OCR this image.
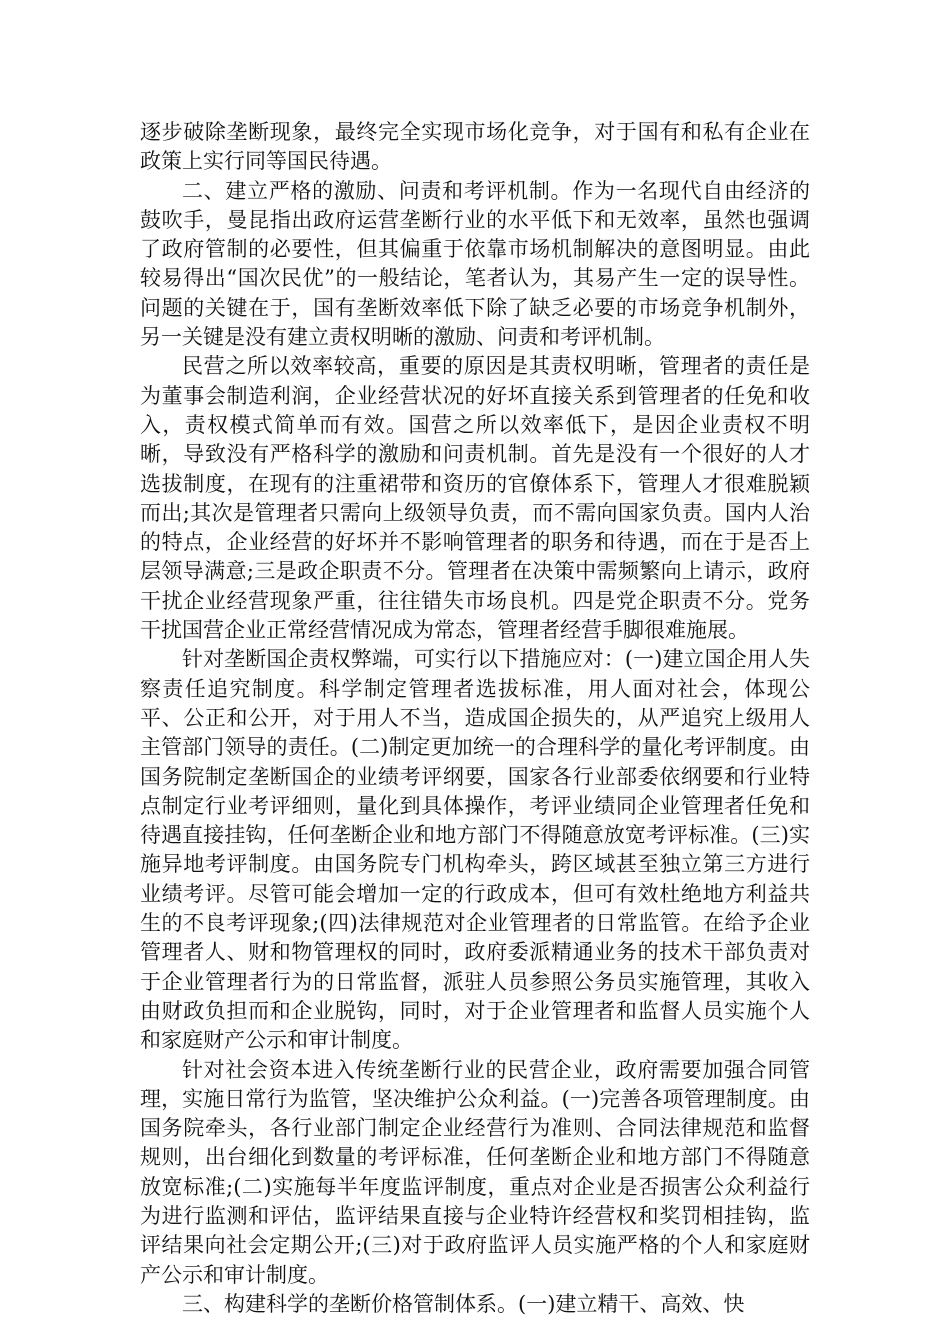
逐步破除垄断现象，最终完全实现市场化竞争，对于国有和私有企业在政策上实行同等国民待遇。

二、建立严格的激励、问责和考评机制。作为一名现代自由经济的鼓吹手，曼昆指出政府运营垄断行业的水平低下和无效率，虽然也强调了政府管制的必要性，但其偏重于依靠市场机制解决的意图明显。由此较易得出“国次民优”的一般结论，笔者认为，其易产生一定的误导性。问题的关键在于，国有垄断效率低下除了缺乏必要的市场竞争机制外，另一关键是没有建立责权明晰的激励、问责和考评机制。

民营之所以效率较高，重要的原因是其责权明晰，管理者的责任是为董事会制造利润，企业经营状况的好坏直接关系到管理者的任免和收入，责权模式简单而有效。国营之所以效率低下，是因企业责权不明晰，导致没有严格科学的激励和问责机制。首先是没有一个很好的人才选拔制度，在现有的注重裙带和资历的官僚体系下，管理人才很难脱颖而出;其次是管理者只需向上级领导负责，而不需向国家负责。国内人治的特点，企业经营的好坏并不影响管理者的职务和待遇，而在于是否上层领导满意;三是政企职责不分。管理者在决策中需频繁向上请示，政府干扰企业经营现象严重，往往错失市场良机。四是党企职责不分。党务干扰国营企业正常经营情况成为常态，管理者经营手脚很难施展。

针对垄断国企责权弊端，可实行以下措施应对：(一)建立国企用人失察责任追究制度。科学制定管理者选拔标准，用人面对社会，体现公平、公正和公开，对于用人不当，造成国企损失的，从严追究上级用人主管部门领导的责任。(二)制定更加统一的合理科学的量化考评制度。由国务院制定垄断国企的业绩考评纲要，国家各行业部委依纲要和行业特点制定行业考评细则，量化到具体操作，考评业绩同企业管理者任免和待遇直接挂钩，任何垄断企业和地方部门不得随意放宽考评标准。(三)实施异地考评制度。由国务院专门机构牵头，跨区域甚至独立第三方进行业绩考评。尽管可能会增加一定的行政成本，但可有效杜绝地方利益共生的不良考评现象;(四)法律规范对企业管理者的日常监管。在给予企业管理者人、财和物管理权的同时，政府委派精通业务的技术干部负责对于企业管理者行为的日常监督，派驻人员参照公务员实施管理，其收入由财政负担而和企业脱钩，同时，对于企业管理者和监督人员实施个人和家庭财产公示和审计制度。

针对社会资本进入传统垄断行业的民营企业，政府需要加强合同管理，实施日常行为监管，坚决维护公众利益。(一)完善各项管理制度。由国务院牵头，各行业部门制定企业经营行为准则、合同法律规范和监督规则，出台细化到数量的考评标准，任何垄断企业和地方部门不得随意放宽标准;(二)实施每半年度监评制度，重点对企业是否损害公众利益行为进行监测和评估，监评结果直接与企业特许经营权和奖罚相挂钩，监评结果向社会定期公开;(三)对于政府监评人员实施严格的个人和家庭财产公示和审计制度。

三、构建科学的垄断价格管制体系。(一)建立精干、高效、快
